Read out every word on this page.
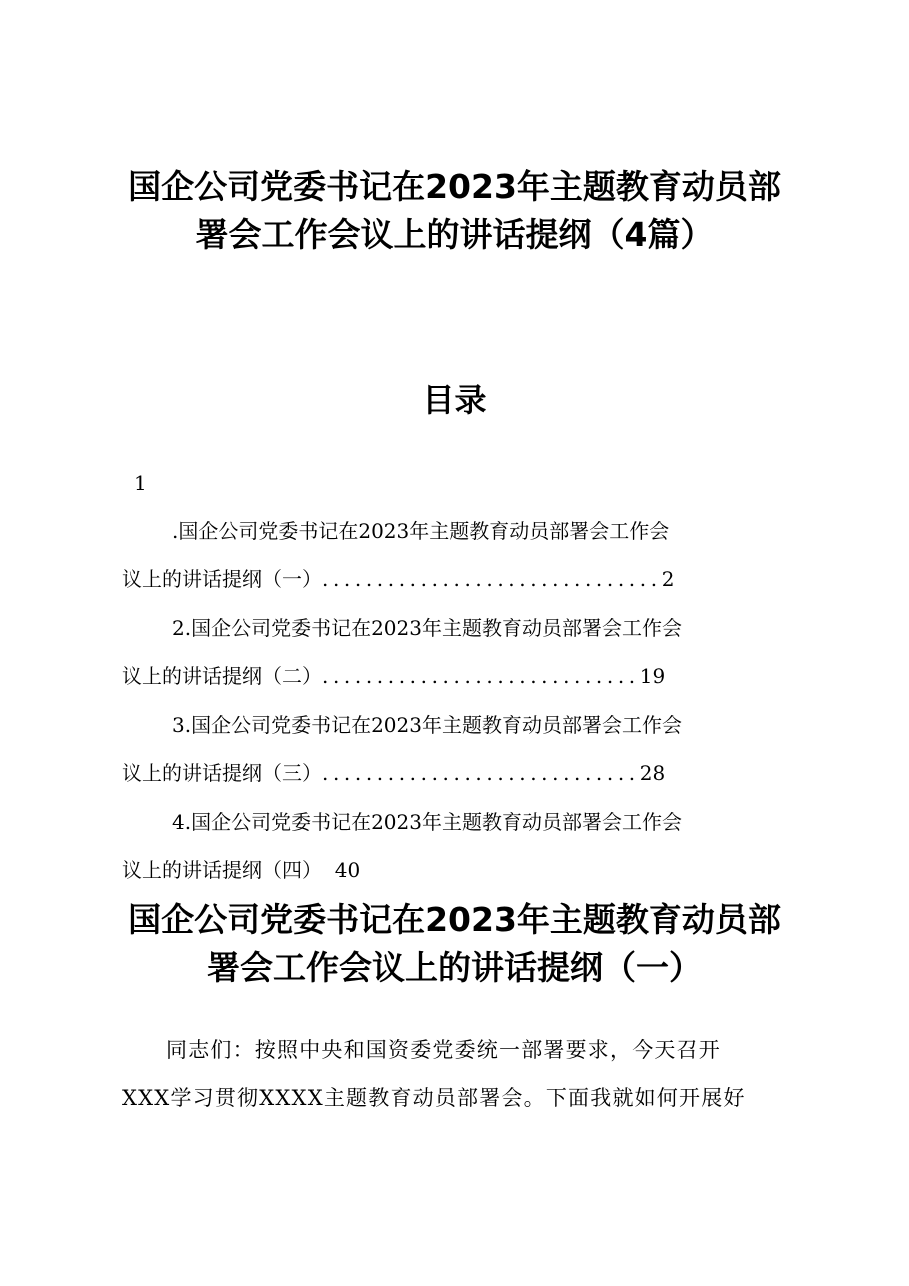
国企公司党委书记在2023年主题教育动员部
署会工作会议上的讲话提纲（4篇）
目录
1
.国企公司党委书记在2023年主题教育动员部署会工作会
议上的讲话提纲（一）...............................2
2.国企公司党委书记在2023年主题教育动员部署会工作会
议上的讲话提纲（二）.............................19
3.国企公司党委书记在2023年主题教育动员部署会工作会
议上的讲话提纲（三）.............................28
4.国企公司党委书记在2023年主题教育动员部署会工作会
议上的讲话提纲（四） 40
国企公司党委书记在2023年主题教育动员部
署会工作会议上的讲话提纲（一）
同志们：按照中央和国资委党委统一部署要求，今天召开
XXX学习贯彻XXXX主题教育动员部署会。下面我就如何开展好
